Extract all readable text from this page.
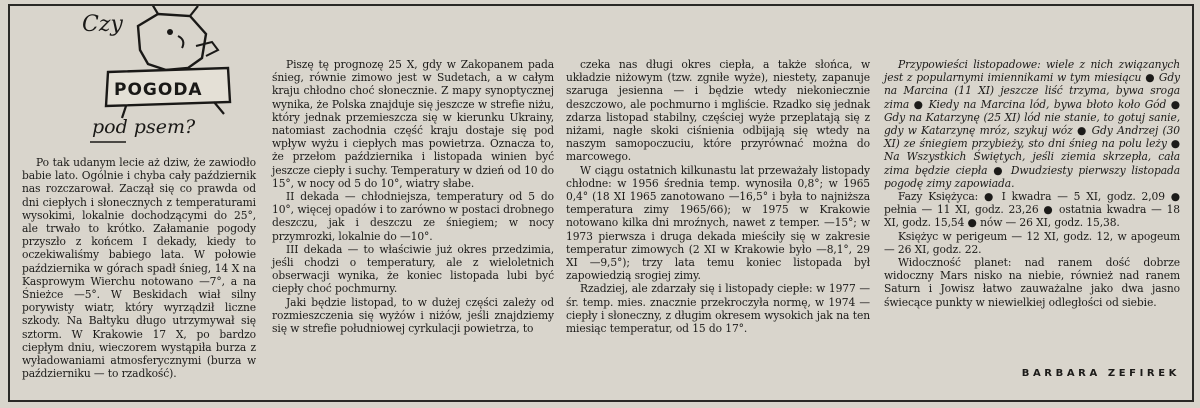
Czy
POGODA
pod psem?

Po tak udanym lecie aż dziw, że zawiodło babie lato. Ogólnie i chyba cały październik nas rozczarował. Zaczął się co prawda od dni ciepłych i słonecznych z temperaturami wysokimi, lokalnie dochodzącymi do 25°, ale trwało to krótko. Załamanie pogody przyszło z końcem I dekady, kiedy to oczekiwaliśmy babiego lata. W połowie października w górach spadł śnieg, 14 X na Kasprowym Wierchu notowano —7°, a na Śnieżce —5°. W Beskidach wiał silny porywisty wiatr, który wyrządził liczne szkody. Na Bałtyku długo utrzymywał się sztorm. W Krakowie 17 X, po bardzo ciepłym dniu, wieczorem wystąpiła burza z wyładowaniami atmosferycznymi (burza w październiku — to rzadkość).

Piszę tę prognozę 25 X, gdy w Zakopanem pada śnieg, równie zimowo jest w Sudetach, a w całym kraju chłodno choć słonecznie. Z mapy synoptycznej wynika, że Polska znajduje się jeszcze w strefie niżu, który jednak przemieszcza się w kierunku Ukrainy, natomiast zachodnia część kraju dostaje się pod wpływ wyżu i ciepłych mas powietrza. Oznacza to, że przełom października i listopada winien być jeszcze ciepły i suchy. Temperatury w dzień od 10 do 15°, w nocy od 5 do 10°, wiatry słabe.

II dekada — chłodniejsza, temperatury od 5 do 10°, więcej opadów i to zarówno w postaci drobnego deszczu, jak i deszczu ze śniegiem; w nocy przymrozki, lokalnie do —10°.

III dekada — to właściwie już okres przedzimia, jeśli chodzi o temperatury, ale z wieloletnich obserwacji wynika, że koniec listopada lubi być ciepły choć pochmurny.

Jaki będzie listopad, to w dużej części zależy od rozmieszczenia się wyżów i niżów, jeśli znajdziemy się w strefie południowej cyrkulacji powietrza, to

czeka nas długi okres ciepła, a także słońca, w układzie niżowym (tzw. zgniłe wyże), niestety, zapanuje szaruga jesienna — i będzie wtedy niekoniecznie deszczowo, ale pochmurno i mgliście. Rzadko się jednak zdarza listopad stabilny, częściej wyże przeplatają się z niżami, nagłe skoki ciśnienia odbijają się wtedy na naszym samopoczuciu, które przyrównać można do marcowego.

W ciągu ostatnich kilkunastu lat przeważały listopady chłodne: w 1956 średnia temp. wynosiła 0,8°; w 1965 0,4° (18 XI 1965 zanotowano —16,5° i była to najniższa temperatura zimy 1965/66); w 1975 w Krakowie notowano kilka dni mroźnych, nawet z temper. —15°; w 1973 pierwsza i druga dekada mieściły się w zakresie temperatur zimowych (2 XI w Krakowie było —8,1°, 29 XI —9,5°); trzy lata temu koniec listopada był zapowiedzią srogiej zimy.

Rzadziej, ale zdarzały się i listopady ciepłe: w 1977 — śr. temp. mies. znacznie przekroczyła normę, w 1974 — ciepły i słoneczny, z długim okresem wysokich jak na ten miesiąc temperatur, od 15 do 17°.

Przypowieści listopadowe: wiele z nich związanych jest z popularnymi imiennikami w tym miesiącu ● Gdy na Marcina (11 XI) jeszcze liść trzyma, bywa sroga zima ● Kiedy na Marcina lód, bywa błoto koło Gód ● Gdy na Katarzynę (25 XI) lód nie stanie, to gotuj sanie, gdy w Katarzynę mróz, szykuj wóz ● Gdy Andrzej (30 XI) ze śniegiem przybieży, sto dni śnieg na polu leży ● Na Wszystkich Świętych, jeśli ziemia skrzepła, cała zima będzie ciepła ● Dwudziesty pierwszy listopada pogodę zimy zapowiada.

Fazy Księżyca: ● I kwadra — 5 XI, godz. 2,09 ● pełnia — 11 XI, godz. 23,26 ● ostatnia kwadra — 18 XI, godz. 15,54 ● nów — 26 XI, godz. 15,38.

Księżyc w perigeum — 12 XI, godz. 12, w apogeum — 26 XI, godz. 22.

Widoczność planet: nad ranem dość dobrze widoczny Mars nisko na niebie, również nad ranem Saturn i Jowisz łatwo zauważalne jako dwa jasno świecące punkty w niewielkiej odległości od siebie.

BARBARA ZEFIREK
